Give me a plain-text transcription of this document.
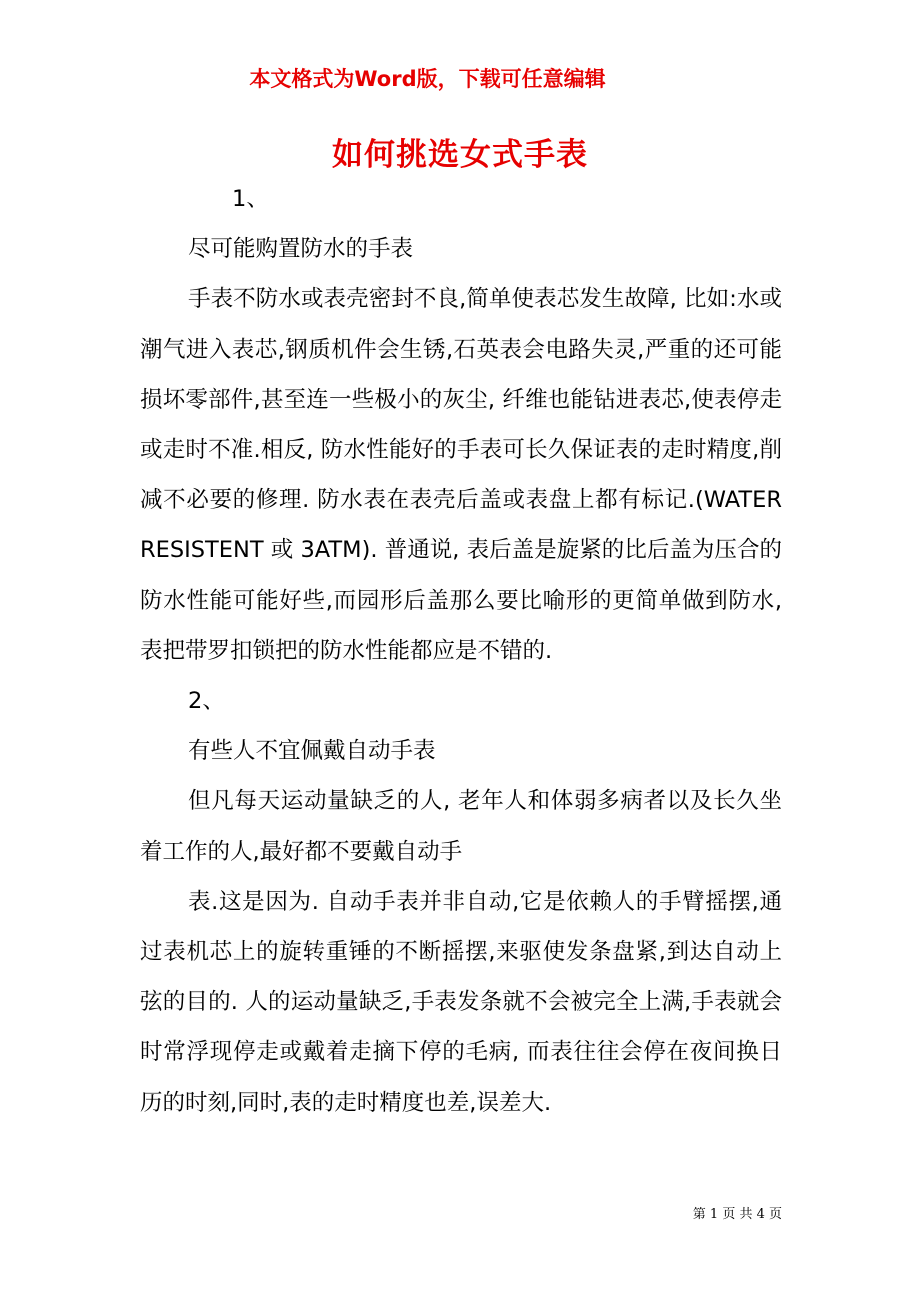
本文格式为Word版，下载可任意编辑
如何挑选女式手表

1、

尽可能购置防水的手表

手表不防水或表壳密封不良,简单使表芯发生故障, 比如:水或潮气进入表芯,钢质机件会生锈,石英表会电路失灵,严重的还可能损坏零部件,甚至连一些极小的灰尘, 纤维也能钻进表芯,使表停走或走时不准.相反, 防水性能好的手表可长久保证表的走时精度,削减不必要的修理. 防水表在表壳后盖或表盘上都有标记.(WATER RESISTENT 或 3ATM). 普通说, 表后盖是旋紧的比后盖为压合的防水性能可能好些,而园形后盖那么要比喻形的更简单做到防水,表把带罗扣锁把的防水性能都应是不错的.

2、

有些人不宜佩戴自动手表

但凡每天运动量缺乏的人, 老年人和体弱多病者以及长久坐着工作的人,最好都不要戴自动手

表.这是因为. 自动手表并非自动,它是依赖人的手臂摇摆,通过表机芯上的旋转重锤的不断摇摆,来驱使发条盘紧,到达自动上弦的目的. 人的运动量缺乏,手表发条就不会被完全上满,手表就会时常浮现停走或戴着走摘下停的毛病, 而表往往会停在夜间换日历的时刻,同时,表的走时精度也差,误差大.

第 1 页 共 4 页
